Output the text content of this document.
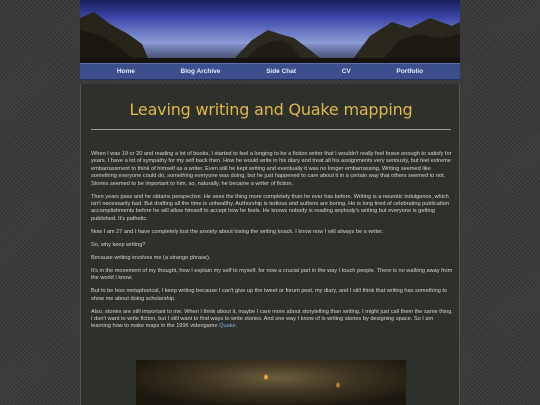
Home	Blog Archive	Side Chat	CV	Portfolio
Leaving writing and Quake mapping

When I was 19 or 20 and reading a lot of books, I started to feel a longing to be a fiction writer that I wouldn't really feel brave enough to satisfy for years. I have a lot of sympathy for my self back then. How he would write in his diary and treat all his assignments very seriously, but feel extreme embarrassment to think of himself as a writer. Even still he kept writing and eventually it was no longer embarrassing. Writing seemed like something everyone could do, something everyone was doing, but he just happened to care about it in a certain way that others seemed to not. Stories seemed to be important to him, so, naturally, he became a writer of fiction.

Then years pass and he obtains perspective. He sees the thing more completely than he ever has before. Writing is a neurotic indulgence, which isn't necessarily bad. But drafting all the time is unhealthy. Authorship is tedious and authors are boring. He is long tired of celebrating publication accomplishments before he will allow himself to accept how he feels. He knows nobody is reading anybody's writing but everyone is getting published. It's pathetic.

Now I am 27 and I have completely lost the anxiety about losing the writing knack. I know now I will always be a writer.

So, why keep writing?

Because writing involves me (a strange phrase).

It's in the movement of my thought, how I explain my self to myself, for now a crucial part in the way I touch people. There is no walking away from the world I know.

But to be less metaphorical, I keep writing because I can't give up the tweet or forum post, my diary, and I still think that writing has something to show me about doing scholarship.

Also, stories are still important to me. When I think about it, maybe I care more about storytelling than writing. I might just call them the same thing. I don't want to write fiction, but I still want to find ways to write stories. And one way I know of is writing stories by designing space. So I am learning how to make maps in the 1996 videogame Quake.
